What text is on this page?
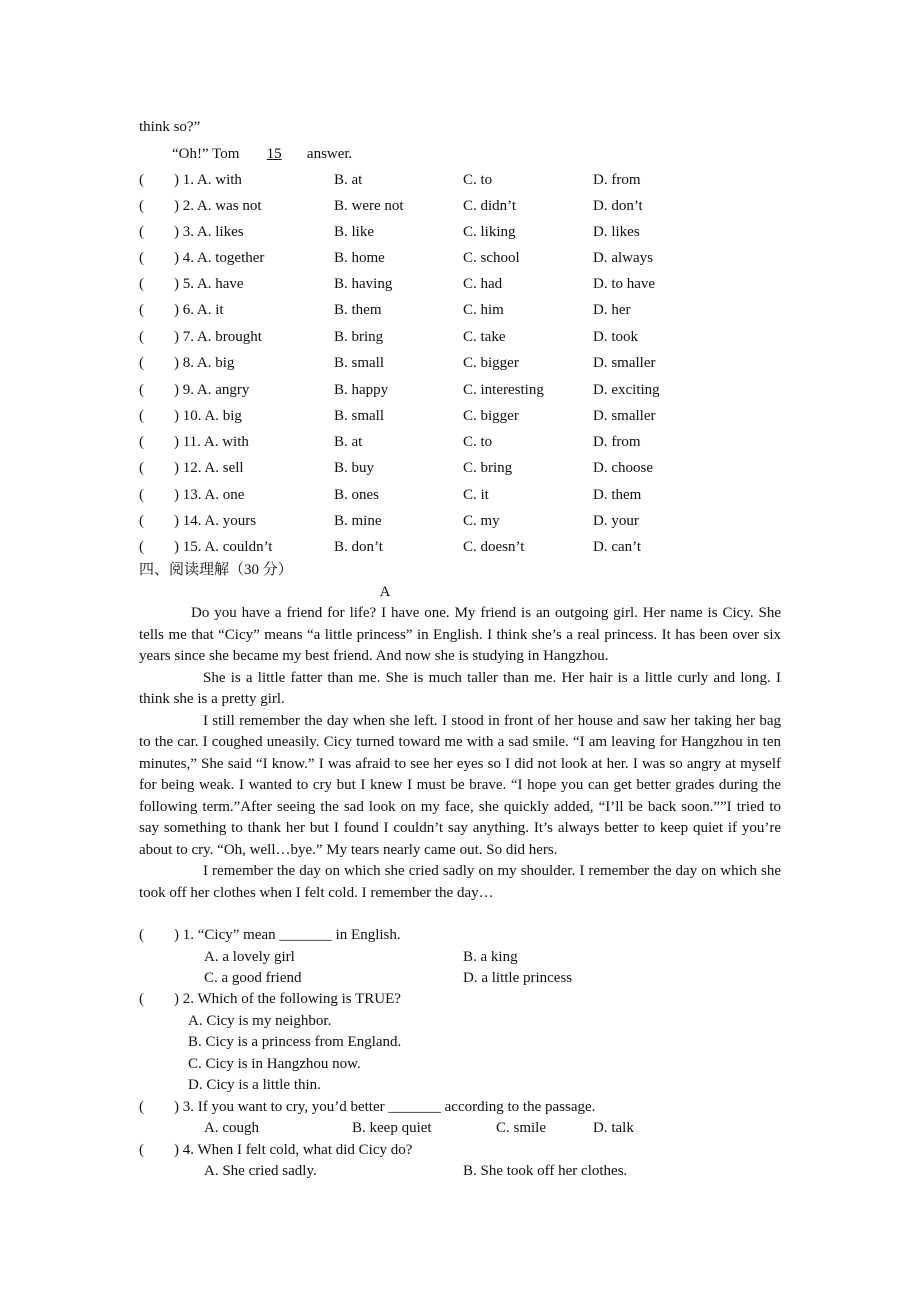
think so?”
“Oh!” Tom 15 answer.
(　　) 1. A. with	B. at	C. to	D. from
(　　) 2. A. was not	B. were not	C. didn’t	D. don’t
(　　) 3. A. likes	B. like	C. liking	D. likes
(　　) 4. A. together	B. home	C. school	D. always
(　　) 5. A. have	B. having	C. had	D. to have
(　　) 6. A. it	B. them	C. him	D. her
(　　) 7. A. brought	B. bring	C. take	D. took
(　　) 8. A. big	B. small	C. bigger	D. smaller
(　　) 9. A. angry	B. happy	C. interesting	D. exciting
(　　) 10. A. big	B. small	C. bigger	D. smaller
(　　) 11. A. with	B. at	C. to	D. from
(　　) 12. A. sell	B. buy	C. bring	D. choose
(　　) 13. A. one	B. ones	C. it	D. them
(　　) 14. A. yours	B. mine	C. my	D. your
(　　) 15. A. couldn’t	B. don’t	C. doesn’t	D. can’t
四、阅读理解（30 分）
A

Do you have a friend for life? I have one. My friend is an outgoing girl. Her name is Cicy. She tells me that “Cicy” means “a little princess” in English. I think she’s a real princess. It has been over six years since she became my best friend. And now she is studying in Hangzhou.

She is a little fatter than me. She is much taller than me. Her hair is a little curly and long. I think she is a pretty girl.

I still remember the day when she left. I stood in front of her house and saw her taking her bag to the car. I coughed uneasily. Cicy turned toward me with a sad smile. “I am leaving for Hangzhou in ten minutes,” She said “I know.” I was afraid to see her eyes so I did not look at her. I was so angry at myself for being weak. I wanted to cry but I knew I must be brave. “I hope you can get better grades during the following term.”After seeing the sad look on my face, she quickly added, “I’ll be back soon.””I tried to say something to thank her but I found I couldn’t say anything. It’s always better to keep quiet if you’re about to cry. “Oh, well…bye.” My tears nearly came out. So did hers.

I remember the day on which she cried sadly on my shoulder. I remember the day on which she took off her clothes when I felt cold. I remember the day…

(　　) 1. “Cicy” mean _______ in English.
A. a lovely girl	B. a king
C. a good friend	D. a little princess
(　　) 2. Which of the following is TRUE?
A. Cicy is my neighbor.
B. Cicy is a princess from England.
C. Cicy is in Hangzhou now.
D. Cicy is a little thin.
(　　) 3. If you want to cry, you’d better _______ according to the passage.
A. cough	B. keep quiet	C. smile	D. talk
(　　) 4. When I felt cold, what did Cicy do?
A. She cried sadly.	B. She took off her clothes.
